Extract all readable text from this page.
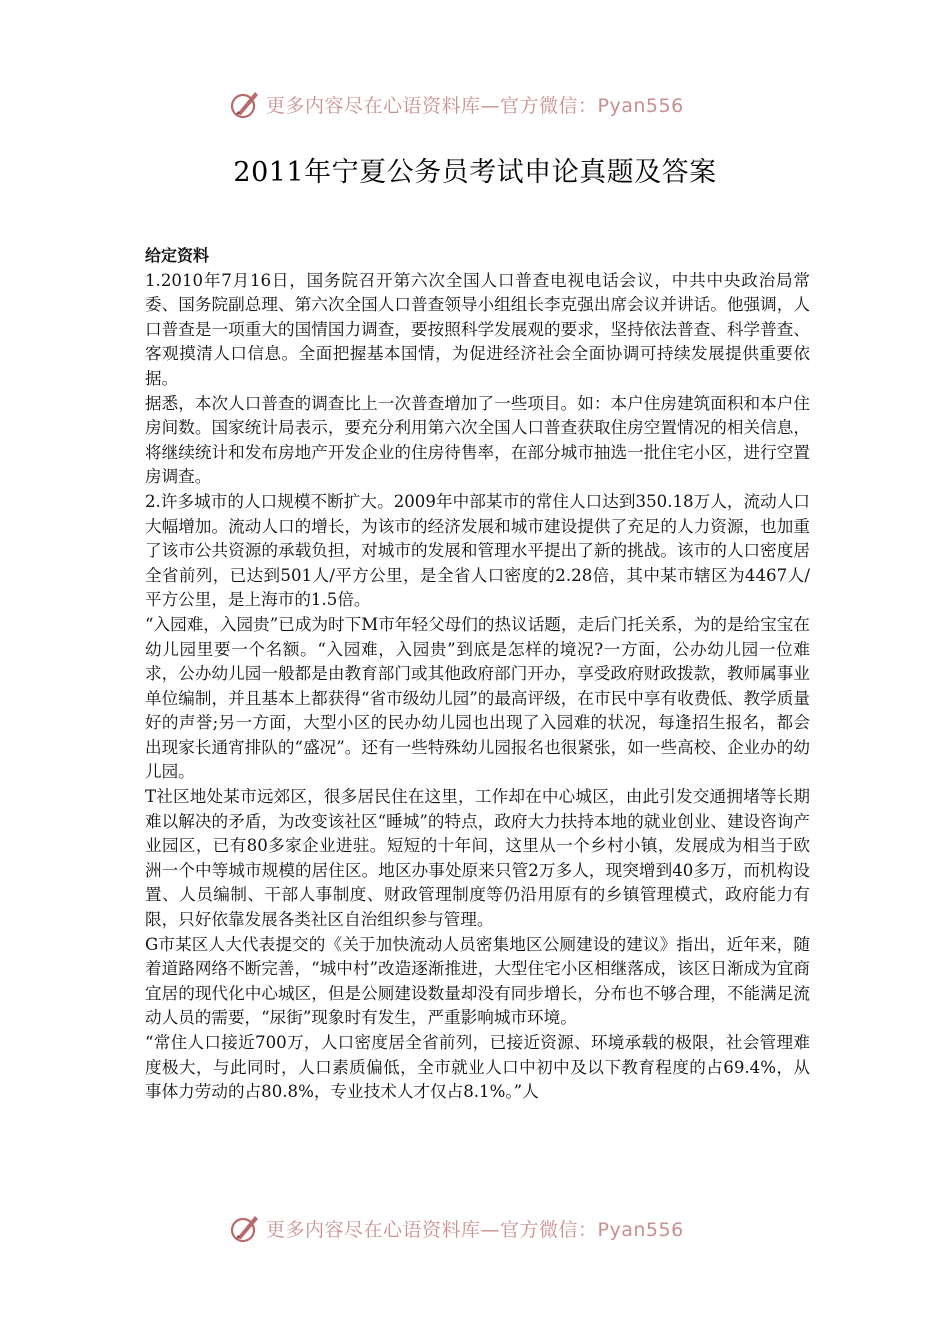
更多内容尽在心语资料库—官方微信：Pyan556
2011年宁夏公务员考试申论真题及答案

给定资料

1.2010年7月16日，国务院召开第六次全国人口普查电视电话会议，中共中央政治局常委、国务院副总理、第六次全国人口普查领导小组组长李克强出席会议并讲话。他强调，人口普查是一项重大的国情国力调查，要按照科学发展观的要求，坚持依法普查、科学普查、客观摸清人口信息。全面把握基本国情，为促进经济社会全面协调可持续发展提供重要依据。

据悉，本次人口普查的调查比上一次普查增加了一些项目。如：本户住房建筑面积和本户住房间数。国家统计局表示，要充分利用第六次全国人口普查获取住房空置情况的相关信息，将继续统计和发布房地产开发企业的住房待售率，在部分城市抽选一批住宅小区，进行空置房调查。

2.许多城市的人口规模不断扩大。2009年中部某市的常住人口达到350.18万人，流动人口大幅增加。流动人口的增长，为该市的经济发展和城市建设提供了充足的人力资源，也加重了该市公共资源的承载负担，对城市的发展和管理水平提出了新的挑战。该市的人口密度居全省前列，已达到501人/平方公里，是全省人口密度的2.28倍，其中某市辖区为4467人/平方公里，是上海市的1.5倍。

“入园难，入园贵”已成为时下M市年轻父母们的热议话题，走后门托关系，为的是给宝宝在幼儿园里要一个名额。“入园难，入园贵”到底是怎样的境况?一方面，公办幼儿园一位难求，公办幼儿园一般都是由教育部门或其他政府部门开办，享受政府财政拨款，教师属事业单位编制，并且基本上都获得“省市级幼儿园”的最高评级，在市民中享有收费低、教学质量好的声誉;另一方面，大型小区的民办幼儿园也出现了入园难的状况，每逢招生报名，都会出现家长通宵排队的“盛况”。还有一些特殊幼儿园报名也很紧张，如一些高校、企业办的幼儿园。

T社区地处某市远郊区，很多居民住在这里，工作却在中心城区，由此引发交通拥堵等长期难以解决的矛盾，为改变该社区“睡城”的特点，政府大力扶持本地的就业创业、建设咨询产业园区，已有80多家企业进驻。短短的十年间，这里从一个乡村小镇，发展成为相当于欧洲一个中等城市规模的居住区。地区办事处原来只管2万多人，现突增到40多万，而机构设置、人员编制、干部人事制度、财政管理制度等仍沿用原有的乡镇管理模式，政府能力有限，只好依靠发展各类社区自治组织参与管理。

G市某区人大代表提交的《关于加快流动人员密集地区公厕建设的建议》指出，近年来，随着道路网络不断完善，“城中村”改造逐渐推进，大型住宅小区相继落成，该区日渐成为宜商宜居的现代化中心城区，但是公厕建设数量却没有同步增长，分布也不够合理，不能满足流动人员的需要，“尿街”现象时有发生，严重影响城市环境。

“常住人口接近700万，人口密度居全省前列，已接近资源、环境承载的极限，社会管理难度极大，与此同时，人口素质偏低，全市就业人口中初中及以下教育程度的占69.4%，从事体力劳动的占80.8%，专业技术人才仅占8.1%。”人

更多内容尽在心语资料库—官方微信：Pyan556
